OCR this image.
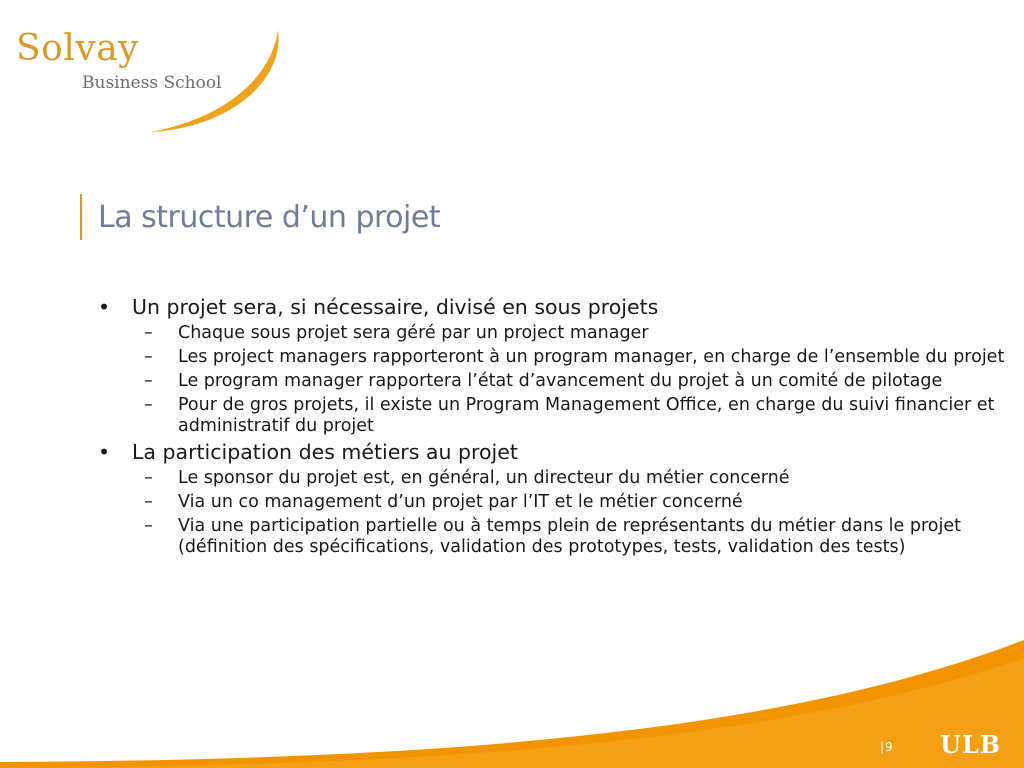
Solvay
Business School
La structure d’un projet
• Un projet sera, si nécessaire, divisé en sous projets
– Chaque sous projet sera géré par un project manager
– Les project managers rapporteront à un program manager, en charge de l’ensemble du projet
– Le program manager rapportera l’état d’avancement du projet à un comité de pilotage
– Pour de gros projets, il existe un Program Management Office, en charge du suivi financier et administratif du projet
• La participation des métiers au projet
– Le sponsor du projet est, en général, un directeur du métier concerné
– Via un co management d’un projet par l’IT et le métier concerné
– Via une participation partielle ou à temps plein de représentants du métier dans le projet (définition des spécifications, validation des prototypes, tests, validation des tests)
|9 ULB
